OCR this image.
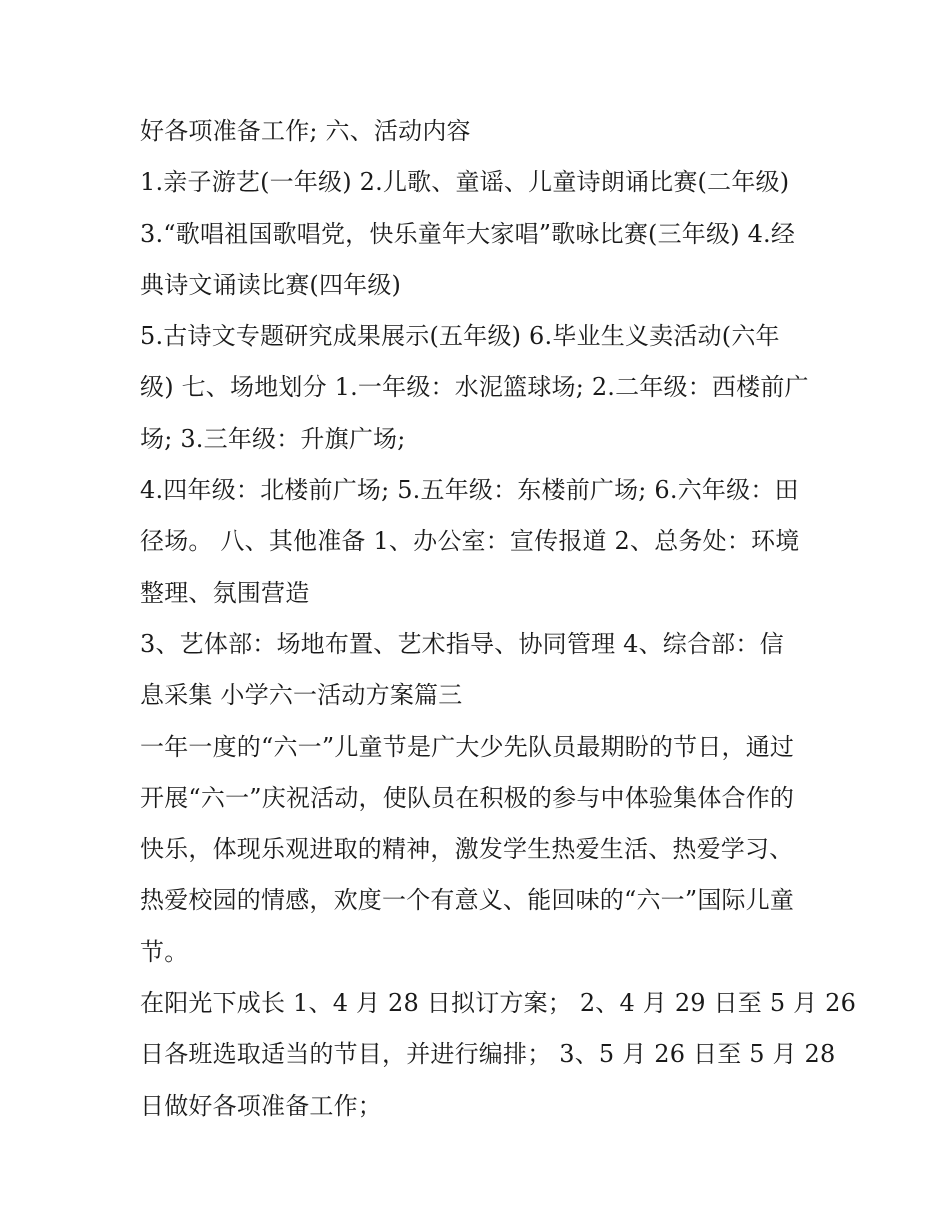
好各项准备工作; 六、活动内容
1.亲子游艺(一年级) 2.儿歌、童谣、儿童诗朗诵比赛(二年级)
3.“歌唱祖国歌唱党，快乐童年大家唱”歌咏比赛(三年级) 4.经
典诗文诵读比赛(四年级)
5.古诗文专题研究成果展示(五年级) 6.毕业生义卖活动(六年
级) 七、场地划分 1.一年级：水泥篮球场; 2.二年级：西楼前广
场; 3.三年级：升旗广场;
4.四年级：北楼前广场; 5.五年级：东楼前广场; 6.六年级：田
径场。 八、其他准备 1、办公室：宣传报道 2、总务处：环境
整理、氛围营造
3、艺体部：场地布置、艺术指导、协同管理 4、综合部：信
息采集 小学六一活动方案篇三
一年一度的“六一”儿童节是广大少先队员最期盼的节日，通过
开展“六一”庆祝活动，使队员在积极的参与中体验集体合作的
快乐，体现乐观进取的精神，激发学生热爱生活、热爱学习、
热爱校园的情感，欢度一个有意义、能回味的“六一”国际儿童
节。
在阳光下成长 1、4 月 28 日拟订方案； 2、4 月 29 日至 5 月 26
日各班选取适当的节目，并进行编排； 3、5 月 26 日至 5 月 28
日做好各项准备工作；
